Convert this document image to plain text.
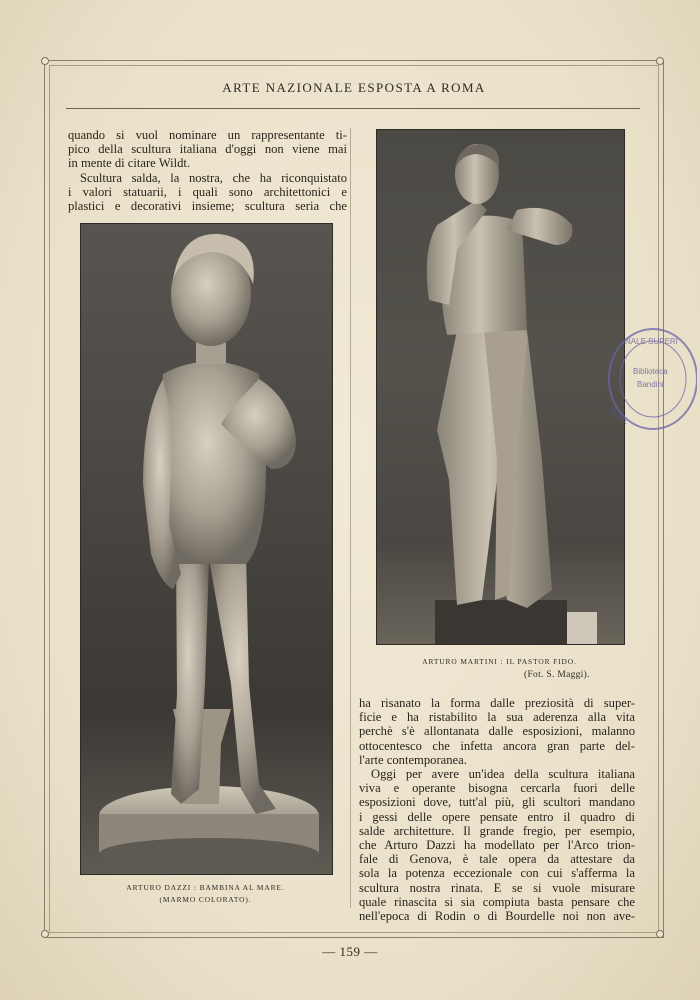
ARTE NAZIONALE ESPOSTA A ROMA
quando si vuol nominare un rappresentante ti-
pico della scultura italiana d'oggi non viene mai
in mente di citare Wildt.
Scultura salda, la nostra, che ha riconquistato
i valori statuarii, i quali sono architettonici e
plastici e decorativi insieme; scultura seria che
ARTURO DAZZI : BAMBINA AL MARE.
(MARMO COLORATO).
ARTURO MARTINI : IL PASTOR FIDO.
(Fot. S. Maggi).
ha risanato la forma dalle preziosità di super-
ficie e ha ristabilito la sua aderenza alla vita
perchè s'è allontanata dalle esposizioni, malanno
ottocentesco che infetta ancora gran parte del-
l'arte contemporanea.
Oggi per avere un'idea della scultura italiana
viva e operante bisogna cercarla fuori delle
esposizioni dove, tutt'al più, gli scultori mandano
i gessi delle opere pensate entro il quadro di
salde architetture. Il grande fregio, per esempio,
che Arturo Dazzi ha modellato per l'Arco trion-
fale di Genova, è tale opera da attestare da
sola la potenza eccezionale con cui s'afferma la
scultura nostra rinata. E se si vuole misurare
quale rinascita si sia compiuta basta pensare che
nell'epoca di Rodin o di Bourdelle noi non ave-
NALE SUPERI
Biblioteca
Bandini
SCOL
— 159 —
